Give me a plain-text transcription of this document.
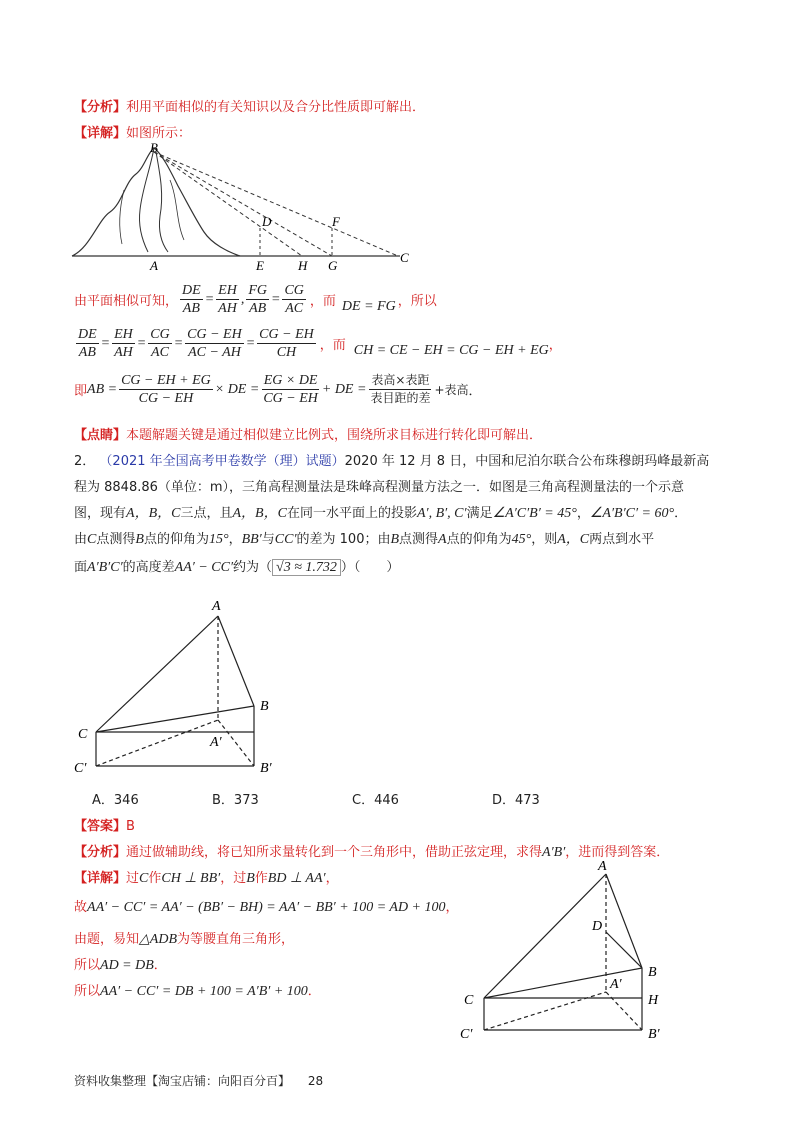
【分析】利用平面相似的有关知识以及合分比性质即可解出．
【详解】如图所示：
B
D	F
A	E	H G
C
由平面相似可知， $\frac{DE}{AB} = \frac{EH}{AH}$ , $\frac{FG}{AB} = \frac{CG}{AC}$ ，而 DE = FG ，所以
$\frac{DE}{AB} = \frac{EH}{AH} = \frac{CG}{AC} = \frac{CG - EH}{AC - AH} = \frac{CG - EH}{CH}$ ，而 CH = CE − EH = CG − EH + EG ，
即 AB = $\frac{CG - EH + EG}{CG - EH}$ × DE = $\frac{EG \times DE}{CG - EH}$ + DE = $\frac{\text{表高×表距}}{\text{表目距的差}}$ +表高 ．
【点睛】本题解题关键是通过相似建立比例式，围绕所求目标进行转化即可解出．
2． （2021 年全国高考甲卷数学（理）试题）2020 年 12 月 8 日，中国和尼泊尔联合公布珠穆朗玛峰最新高
程为 8848.86（单位：m），三角高程测量法是珠峰高程测量方法之一．如图是三角高程测量法的一个示意
图，现有A，B，C三点，且A，B，C在同一水平面上的投影A′, B′, C′满足∠A′C′B′ = 45°，∠A′B′C′ = 60°．
由C点测得B点的仰角为15°，BB′与CC′的差为 100；由B点测得A点的仰角为45°，则A，C两点到水平
面A′B′C′的高度差AA′ − CC′约为（ √3 ≈ 1.732 ）（　　）
A
B
C
A′
C′	B′
A．346	B．373	C．446	D．473
【答案】B
【分析】通过做辅助线，将已知所求量转化到一个三角形中，借助正弦定理，求得A′B′，进而得到答案．
【详解】过C作CH ⊥ BB′，过B作BD ⊥ AA′，
故AA′ − CC′ = AA′ − (BB′ − BH) = AA′ − BB′ + 100 = AD + 100，
由题，易知△ADB为等腰直角三角形，
所以AD = DB．
所以AA′ − CC′ = DB + 100 = A′B′ + 100．
A
D
B
C
A′
H
C′	B′
资料收集整理【淘宝店铺：向阳百分百】 28
